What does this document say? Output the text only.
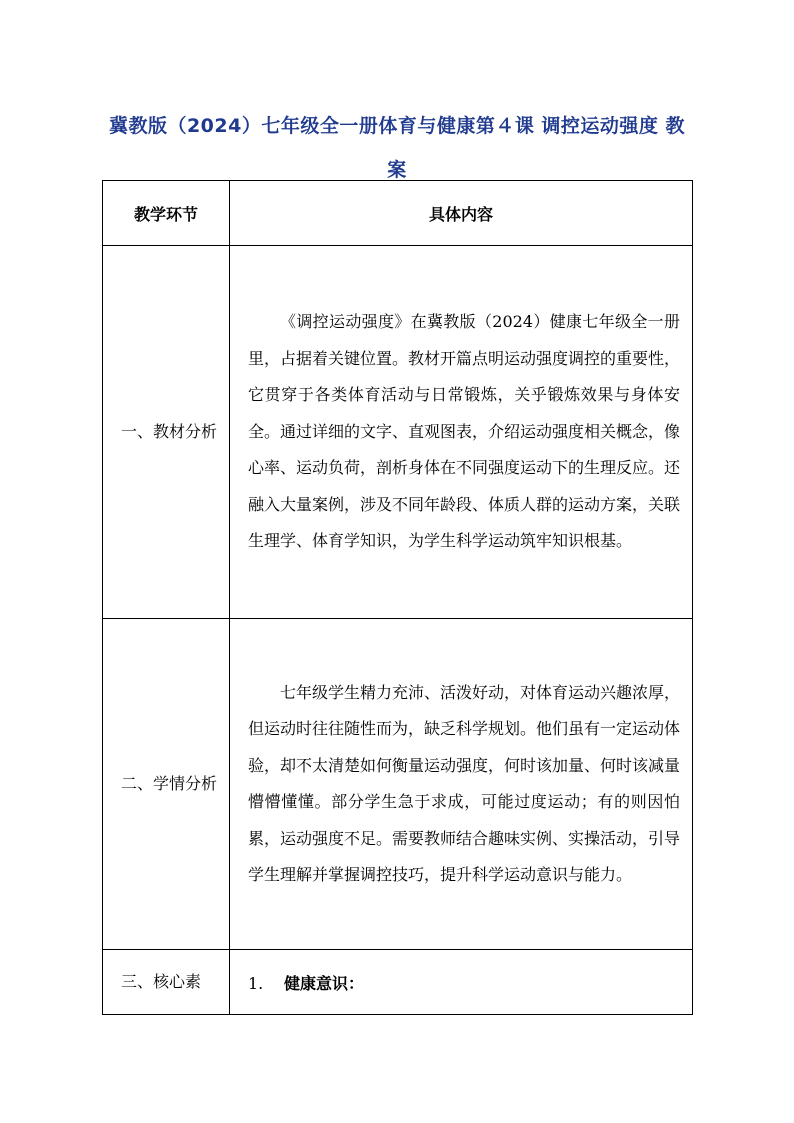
冀教版（2024）七年级全一册体育与健康第４课 调控运动强度 教案
教学环节	具体内容
一、教材分析	《调控运动强度》在冀教版（2024）健康七年级全一册里，占据着关键位置。教材开篇点明运动强度调控的重要性，它贯穿于各类体育活动与日常锻炼，关乎锻炼效果与身体安全。通过详细的文字、直观图表，介绍运动强度相关概念，像心率、运动负荷，剖析身体在不同强度运动下的生理反应。还融入大量案例，涉及不同年龄段、体质人群的运动方案，关联生理学、体育学知识，为学生科学运动筑牢知识根基。
二、学情分析	七年级学生精力充沛、活泼好动，对体育运动兴趣浓厚，但运动时往往随性而为，缺乏科学规划。他们虽有一定运动体验，却不太清楚如何衡量运动强度，何时该加量、何时该减量懵懵懂懂。部分学生急于求成，可能过度运动；有的则因怕累，运动强度不足。需要教师结合趣味实例、实操活动，引导学生理解并掌握调控技巧，提升科学运动意识与能力。
三、核心素	1. 健康意识：
